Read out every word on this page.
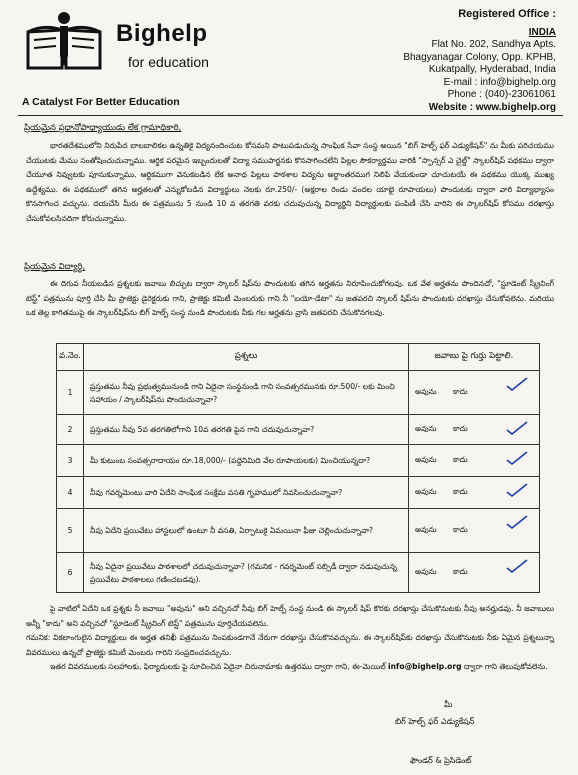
Bighelp
for education
A Catalyst For Better Education
Registered Office :
INDIA
Flat No. 202, Sandhya Apts.
Bhagyanagar Colony, Opp. KPHB,
Kukatpally, Hyderabad, India
E-mail : info@bighelp.org
Phone : (040)-23061061
Website : www.bighelp.org
ప్రియమైన ప్రధానోపాధ్యాయుడు లేక గ్రామాధికారి,
భారతదేశములోని నిరుపేద బాలబాలికల ఉన్నతికై విద్యనందించుట కోసమని పాటుపడుచున్న సాంఘిక సేవా సంస్థ అయిన "బిగ్ హెల్ప్ ఫర్ ఎడ్యుకేషన్" ను మీకు పరిచయము చేయుటకు మేము సంతోషించుచున్నాము. ఆర్థిక పరమైన ఇబ్బందులతో విద్యా సముపార్జనకు కొనసాగించలేని పిల్లల సౌకర్యార్థము వారికి "స్పాన్సర్ ఎ చైల్డ్" స్కాలర్‌షిప్ పథకము ద్వారా చేయూత నివ్వుటకు పూనుకున్నాము. ఆర్థికముగా వెనుకబడిన లేక అనాథ పిల్లలు పాఠశాల విద్యను అర్థాంతరముగ నిలిపి వేయకుండా చూచుటయే ఈ పథకము యొక్క ముఖ్య ఉద్దేశ్యము. ఈ పథకములో తగిన అర్హతలతో ఎన్నుకోబడిన విద్యార్థులు నెలకు రూ.250/- (అక్షరాల రెండు వందల యాభై రూపాయలు) పొందుటకు ద్వారా వారి విద్యాభ్యాసం కొనసాగించ వచ్చును. దయచేసి మీరు ఈ పత్రమును 5 నుండి 10 వ తరగతి వరకు చదువుచున్న విద్యార్థిని విద్యార్థులకు పంపిణీ చేసి వారిని ఈ స్కాలర్‌షిప్ కోసము దరఖాస్తు చేసుకోవలసినదిగా కోరుచున్నాము.
ప్రియమైన విద్యార్థి,
ఈ దిగువ నీయబడిన ప్రశ్నలకు జవాబు లిచ్చుట ద్వారా స్కాలర్ షిప్‌ను పొందుటకు తగిన అర్హతను నిరూపించుకోగలవు. ఒక వేళ అర్హతను పొందినచో, "స్టూడెంట్ స్క్రీనింగ్ టెస్ట్" పత్రమును పూర్తి చేసి మీ ప్రాజెక్టు డైరెక్టరుకు గాని, ప్రాజెక్టు కమిటీ మెంబరుకు గాని నీ "బయో-డేటా" ను జతపరచి స్కాలర్ షిప్‌ను పొందుటకు దరఖాస్తు చేసుకోవలెను. మరియు ఒక తెల్ల కాగితముపై ఈ స్కాలర్‌షిప్‌ను బిగ్ హెల్ప్ సంస్థ నుండి పొందుటకు నీకు గల అర్హతను వ్రాసి జతపరచి చేసుకొనగలవు.
వ.నెం.	ప్రశ్నలు	జవాబు పై గుర్తు పెట్టాలి.
1	ప్రస్తుతము నీవు ప్రభుత్వమునుండి గాని ఏదైనా సంస్థనుండి గాని సంవత్సరమునకు రూ.500/- లకు మించి సహాయం / స్కాలర్‌షిప్‌ను పొందుచున్నావా?	అవును కాదు

2	ప్రస్తుతము నీవు 5వ తరగతిలోగాని 10వ తరగతి పైన గాని చదువుచున్నావా?	అవును కాదు

3	మీ కుటుంబ సంవత్సరాదాయం రూ.18,000/- (పద్దెనిమిది వేల రూపాయలకు) మించియున్నదా?	అవును కాదు

4	నీవు గవర్నమెంటు వారి ఏదేని సాంఘిక సంక్షేమ వసతి గృహములో నివసించుచున్నావా?	అవును కాదు

5	నీవు ఏదేని ప్రయివేటు హాస్టలులో ఉంటూ నీ వసతి, ఏర్పాటుకై ఏమయినా ఫీజు చెల్లించుచున్నావా?	అవును కాదు

6	నీవు ఏదైనా ప్రయివేటు పాఠశాలలో చదువుచున్నావా? (గమనిక - గవర్నమెంట్ సబ్సిడీ ద్వారా నడుపుచున్న ప్రయివేటు పాఠశాలలు గణించబడవు).	అవును కాదు
పై వాటిలో ఏదేని ఒక ప్రశ్నకు నీ జవాబు "అవును" అని వచ్చినచో నీవు బిగ్ హెల్ప్ సంస్థ నుండి ఈ స్కాలర్ షిప్ కొరకు దరఖాస్తు చేసుకొనుటకు నీవు అనర్హుడవు. నీ జవాబులు అన్నీ "కాదు" అని వచ్చినచో "స్టూడెంట్ స్క్రీనింగ్ టెస్ట్" పత్రమును పూర్తిచేయవలెను.
గమనిక: వికలాంగులైన విద్యార్థులు ఈ అర్హత తనిఖీ పత్రమును నింపకుండగానే నేరుగా దరఖాస్తు చేసుకొనవచ్చును. ఈ స్కాలర్‌షిప్‌కు దరఖాస్తు చేసుకొనుటకు నీకు ఏమైన ప్రశ్నలున్నా వివరములు ఉన్నచో ప్రాజెక్టు కమిటీ మెంబరు గారిని సంప్రదించవచ్చును.
ఇతర వివరములకు సలహాలకు, ఫిర్యాదులకు పై సూచించిన ఏదైనా చిరునామాకు ఉత్తరము ద్వారా గాని, ఈ-మెయిల్ info@bighelp.org ద్వారా గాని తెలుపుకోవలెను.
మీ
బిగ్ హెల్ప్ ఫర్ ఎడ్యుకేషన్
ఫౌండర్ & ప్రెసిడెంట్
